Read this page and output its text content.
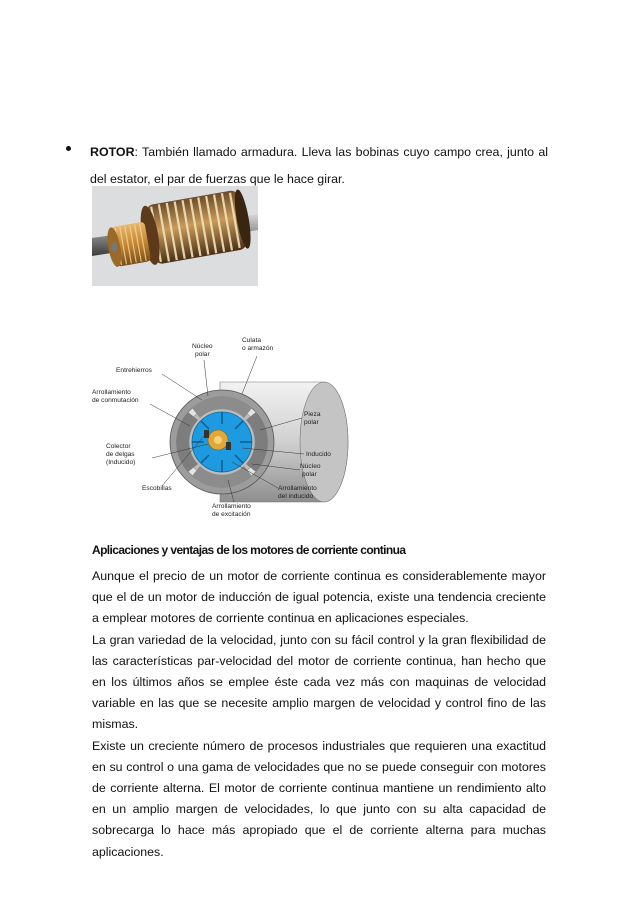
ROTOR: También llamado armadura. Lleva las bobinas cuyo campo crea, junto al del estator, el par de fuerzas que le hace girar.
Núcleo
polar
Culata
o armazón
Entrehierros
Arrollamiento
de conmutación
Pieza
polar
Colector
de delgas
(Inducido)
Inducido
Núcleo
polar
Escobillas	Arrollamiento
del inducido
Arrollamiento
de excitación
Aplicaciones y ventajas de los motores de corriente continua

Aunque el precio de un motor de corriente continua es considerablemente mayor que el de un motor de inducción de igual potencia, existe una tendencia creciente a emplear motores de corriente continua en aplicaciones especiales.

La gran variedad de la velocidad, junto con su fácil control y la gran flexibilidad de las características par-velocidad del motor de corriente continua, han hecho que en los últimos años se emplee éste cada vez más con maquinas de velocidad variable en las que se necesite amplio margen de velocidad y control fino de las mismas.

Existe un creciente número de procesos industriales que requieren una exactitud en su control o una gama de velocidades que no se puede conseguir con motores de corriente alterna. El motor de corriente continua mantiene un rendimiento alto en un amplio margen de velocidades, lo que junto con su alta capacidad de sobrecarga lo hace más apropiado que el de corriente alterna para muchas aplicaciones.
